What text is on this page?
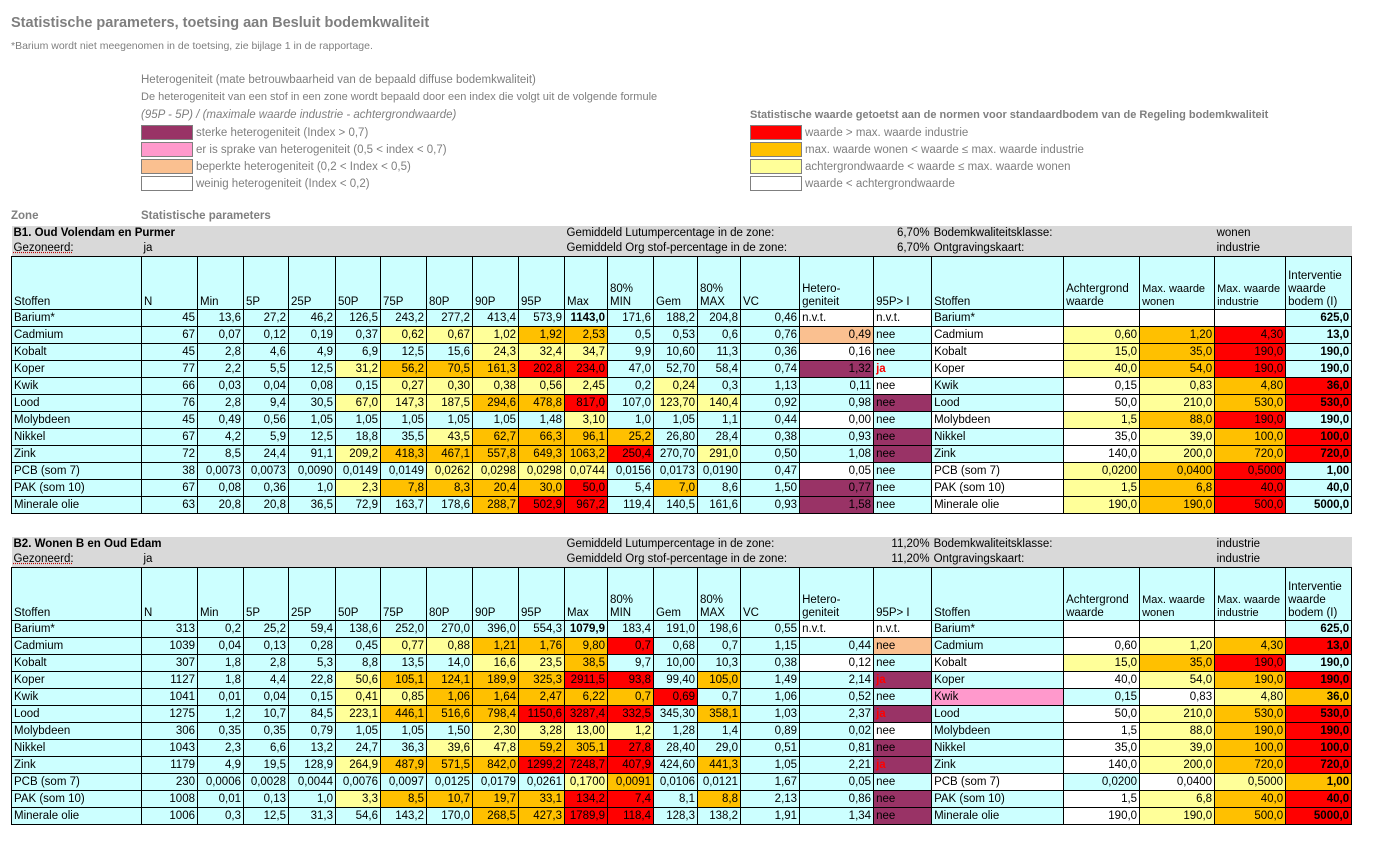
Statistische parameters, toetsing aan Besluit bodemkwaliteit
*Barium wordt niet meegenomen in de toetsing, zie bijlage 1 in de rapportage.
Heterogeniteit (mate betrouwbaarheid van de bepaald diffuse bodemkwaliteit)
De heterogeniteit van een stof in een zone wordt bepaald door een index die volgt uit de volgende formule
(95P - 5P) / (maximale waarde industrie - achtergrondwaarde)
sterke heterogeniteit (Index > 0,7)
er is sprake van heterogeniteit (0,5 < index < 0,7)
beperkte heterogeniteit (0,2 < Index < 0,5)
weinig heterogeniteit (Index < 0,2)
Statistische waarde getoetst aan de normen voor standaardbodem van de Regeling bodemkwaliteit
waarde > max. waarde industrie
max. waarde wonen < waarde ≤ max. waarde industrie
achtergrondwaarde < waarde ≤ max. waarde wonen
waarde < achtergrondwaarde
Zone	Statistische parameters
B1. Oud Volendam en Purmer										Gemiddeld Lutumpercentage in de zone:					6,70%		Bodemkwaliteitsklasse:			wonen	
Gezoneerd:	ja									Gemiddeld Org stof-percentage in de zone:					6,70%		Ontgravingskaart:			industrie	
Stoffen	N	Min	5P	25P	50P	75P	80P	90P	95P	Max	80% MIN	Gem	80% MAX	VC	Hetero-geniteit	95P> I	Stoffen	Achtergrond waarde	Max. waarde wonen	Max. waarde industrie	Interventie waarde bodem (I)
Barium*	45	13,6	27,2	46,2	126,5	243,2	277,2	413,4	573,9	1143,0	171,6	188,2	204,8	0,46	n.v.t.	n.v.t.	Barium*				625,0
Cadmium	67	0,07	0,12	0,19	0,37	0,62	0,67	1,02	1,92	2,53	0,5	0,53	0,6	0,76	0,49	nee	Cadmium	0,60	1,20	4,30	13,0
Kobalt	45	2,8	4,6	4,9	6,9	12,5	15,6	24,3	32,4	34,7	9,9	10,60	11,3	0,36	0,16	nee	Kobalt	15,0	35,0	190,0	190,0
Koper	77	2,2	5,5	12,5	31,2	56,2	70,5	161,3	202,8	234,0	47,0	52,70	58,4	0,74	1,32	ja	Koper	40,0	54,0	190,0	190,0
Kwik	66	0,03	0,04	0,08	0,15	0,27	0,30	0,38	0,56	2,45	0,2	0,24	0,3	1,13	0,11	nee	Kwik	0,15	0,83	4,80	36,0
Lood	76	2,8	9,4	30,5	67,0	147,3	187,5	294,6	478,8	817,0	107,0	123,70	140,4	0,92	0,98	nee	Lood	50,0	210,0	530,0	530,0
Molybdeen	45	0,49	0,56	1,05	1,05	1,05	1,05	1,05	1,48	3,10	1,0	1,05	1,1	0,44	0,00	nee	Molybdeen	1,5	88,0	190,0	190,0
Nikkel	67	4,2	5,9	12,5	18,8	35,5	43,5	62,7	66,3	96,1	25,2	26,80	28,4	0,38	0,93	nee	Nikkel	35,0	39,0	100,0	100,0
Zink	72	8,5	24,4	91,1	209,2	418,3	467,1	557,8	649,3	1063,2	250,4	270,70	291,0	0,50	1,08	nee	Zink	140,0	200,0	720,0	720,0
PCB (som 7)	38	0,0073	0,0073	0,0090	0,0149	0,0149	0,0262	0,0298	0,0298	0,0744	0,0156	0,0173	0,0190	0,47	0,05	nee	PCB (som 7)	0,0200	0,0400	0,5000	1,00
PAK (som 10)	67	0,08	0,36	1,0	2,3	7,8	8,3	20,4	30,0	50,0	5,4	7,0	8,6	1,50	0,77	nee	PAK (som 10)	1,5	6,8	40,0	40,0
Minerale olie	63	20,8	20,8	36,5	72,9	163,7	178,6	288,7	502,9	967,2	119,4	140,5	161,6	0,93	1,58	nee	Minerale olie	190,0	190,0	500,0	5000,0
B2. Wonen B en Oud Edam										Gemiddeld Lutumpercentage in de zone:					11,20%		Bodemkwaliteitsklasse:			industrie	
Gezoneerd:	ja									Gemiddeld Org stof-percentage in de zone:					11,20%		Ontgravingskaart:			industrie	
Stoffen	N	Min	5P	25P	50P	75P	80P	90P	95P	Max	80% MIN	Gem	80% MAX	VC	Hetero-geniteit	95P> I	Stoffen	Achtergrond waarde	Max. waarde wonen	Max. waarde industrie	Interventie waarde bodem (I)
Barium*	313	0,2	25,2	59,4	138,6	252,0	270,0	396,0	554,3	1079,9	183,4	191,0	198,6	0,55	n.v.t.	n.v.t.	Barium*				625,0
Cadmium	1039	0,04	0,13	0,28	0,45	0,77	0,88	1,21	1,76	9,80	0,7	0,68	0,7	1,15	0,44	nee	Cadmium	0,60	1,20	4,30	13,0
Kobalt	307	1,8	2,8	5,3	8,8	13,5	14,0	16,6	23,5	38,5	9,7	10,00	10,3	0,38	0,12	nee	Kobalt	15,0	35,0	190,0	190,0
Koper	1127	1,8	4,4	22,8	50,6	105,1	124,1	189,9	325,3	2911,5	93,8	99,40	105,0	1,49	2,14	ja	Koper	40,0	54,0	190,0	190,0
Kwik	1041	0,01	0,04	0,15	0,41	0,85	1,06	1,64	2,47	6,22	0,7	0,69	0,7	1,06	0,52	nee	Kwik	0,15	0,83	4,80	36,0
Lood	1275	1,2	10,7	84,5	223,1	446,1	516,6	798,4	1150,6	3287,4	332,5	345,30	358,1	1,03	2,37	ja	Lood	50,0	210,0	530,0	530,0
Molybdeen	306	0,35	0,35	0,79	1,05	1,05	1,50	2,30	3,28	13,00	1,2	1,28	1,4	0,89	0,02	nee	Molybdeen	1,5	88,0	190,0	190,0
Nikkel	1043	2,3	6,6	13,2	24,7	36,3	39,6	47,8	59,2	305,1	27,8	28,40	29,0	0,51	0,81	nee	Nikkel	35,0	39,0	100,0	100,0
Zink	1179	4,9	19,5	128,9	264,9	487,9	571,5	842,0	1299,2	7248,7	407,9	424,60	441,3	1,05	2,21	ja	Zink	140,0	200,0	720,0	720,0
PCB (som 7)	230	0,0006	0,0028	0,0044	0,0076	0,0097	0,0125	0,0179	0,0261	0,1700	0,0091	0,0106	0,0121	1,67	0,05	nee	PCB (som 7)	0,0200	0,0400	0,5000	1,00
PAK (som 10)	1008	0,01	0,13	1,0	3,3	8,5	10,7	19,7	33,1	134,2	7,4	8,1	8,8	2,13	0,86	nee	PAK (som 10)	1,5	6,8	40,0	40,0
Minerale olie	1006	0,3	12,5	31,3	54,6	143,2	170,0	268,5	427,3	1789,9	118,4	128,3	138,2	1,91	1,34	nee	Minerale olie	190,0	190,0	500,0	5000,0
